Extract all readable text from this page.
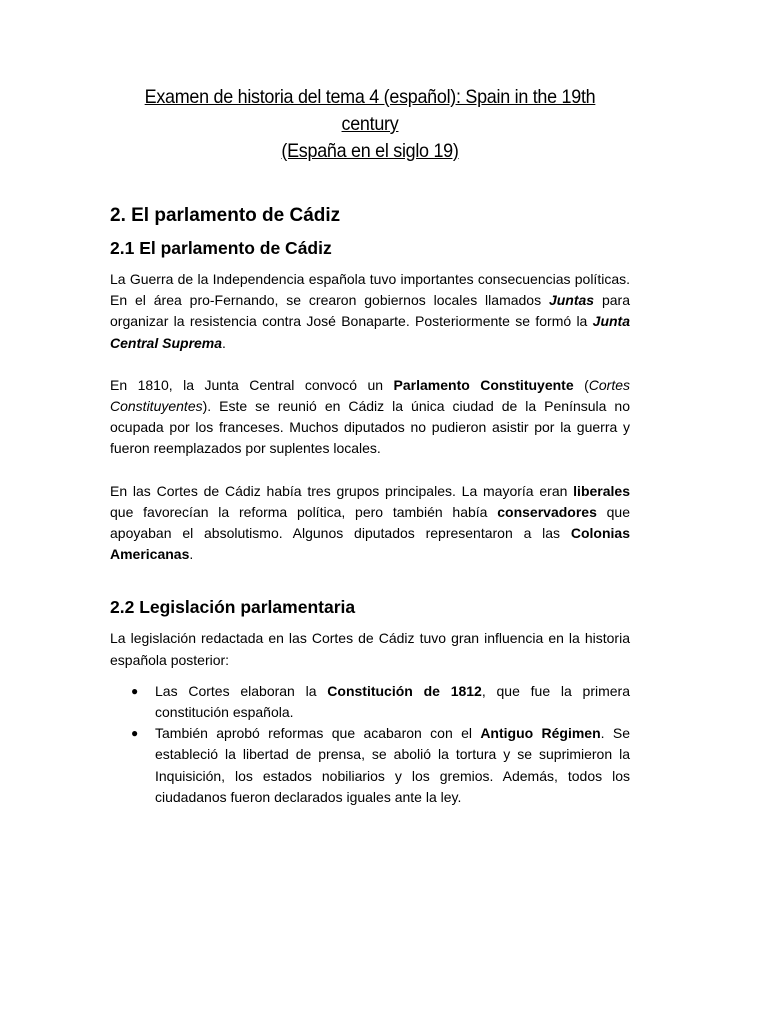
Examen de historia del tema 4 (español): Spain in the 19th century
(España en el siglo 19)
2. El parlamento de Cádiz
2.1 El parlamento de Cádiz

La Guerra de la Independencia española tuvo importantes consecuencias políticas. En el área pro-Fernando, se crearon gobiernos locales llamados Juntas para organizar la resistencia contra José Bonaparte. Posteriormente se formó la Junta Central Suprema.

En 1810, la Junta Central convocó un Parlamento Constituyente (Cortes Constituyentes). Este se reunió en Cádiz la única ciudad de la Península no ocupada por los franceses. Muchos diputados no pudieron asistir por la guerra y fueron reemplazados por suplentes locales.

En las Cortes de Cádiz había tres grupos principales. La mayoría eran liberales que favorecían la reforma política, pero también había conservadores que apoyaban el absolutismo. Algunos diputados representaron a las Colonias Americanas.

2.2 Legislación parlamentaria

La legislación redactada en las Cortes de Cádiz tuvo gran influencia en la historia española posterior:

● Las Cortes elaboran la Constitución de 1812, que fue la primera constitución española.
● También aprobó reformas que acabaron con el Antiguo Régimen. Se estableció la libertad de prensa, se abolió la tortura y se suprimieron la Inquisición, los estados nobiliarios y los gremios. Además, todos los ciudadanos fueron declarados iguales ante la ley.
